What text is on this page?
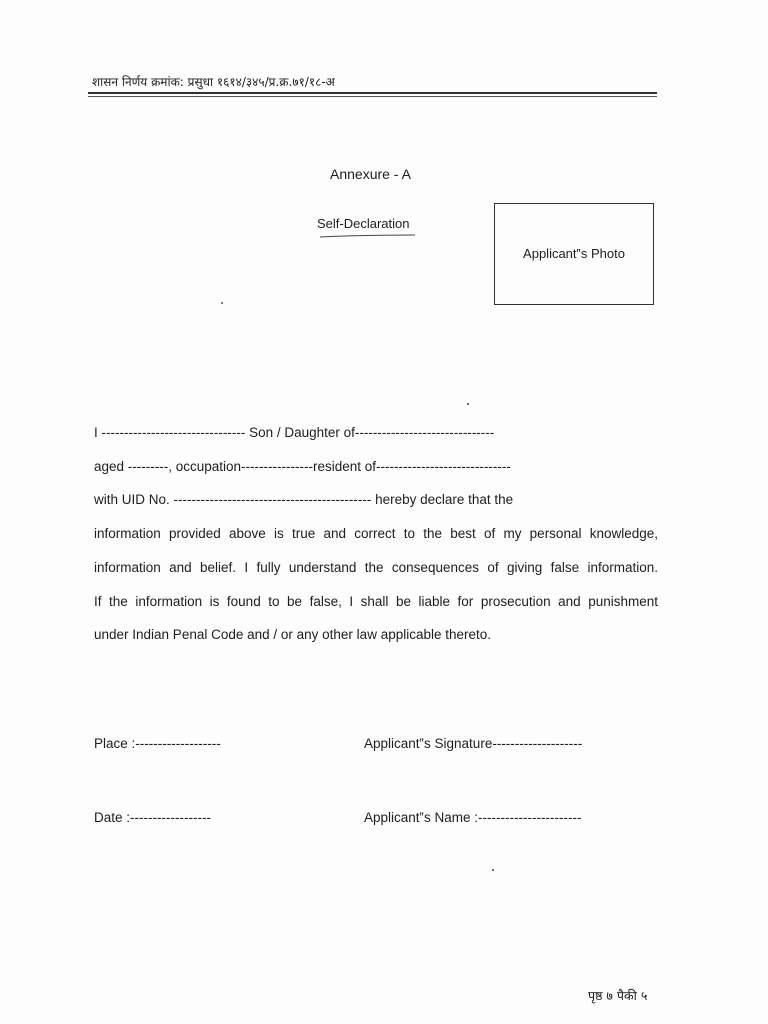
शासन निर्णय क्रमांक: प्रसुधा १६१४/३४५/प्र.क्र.७१/१८-अ
Annexure - A
Self-Declaration
Applicant‟s Photo
I -------------------------------- Son / Daughter of-------------------------------
aged ---------, occupation----------------resident of------------------------------
with UID No. -------------------------------------------- hereby declare that the
information provided above is true and correct to the best of my personal knowledge,
information and belief. I fully understand the consequences of giving false information.
If the information is found to be false, I shall be liable for prosecution and punishment
under Indian Penal Code and / or any other law applicable thereto.
Place :-------------------	Applicant‟s Signature--------------------
Date :------------------	Applicant‟s Name :-----------------------
पृष्ठ ७ पैकी ५
